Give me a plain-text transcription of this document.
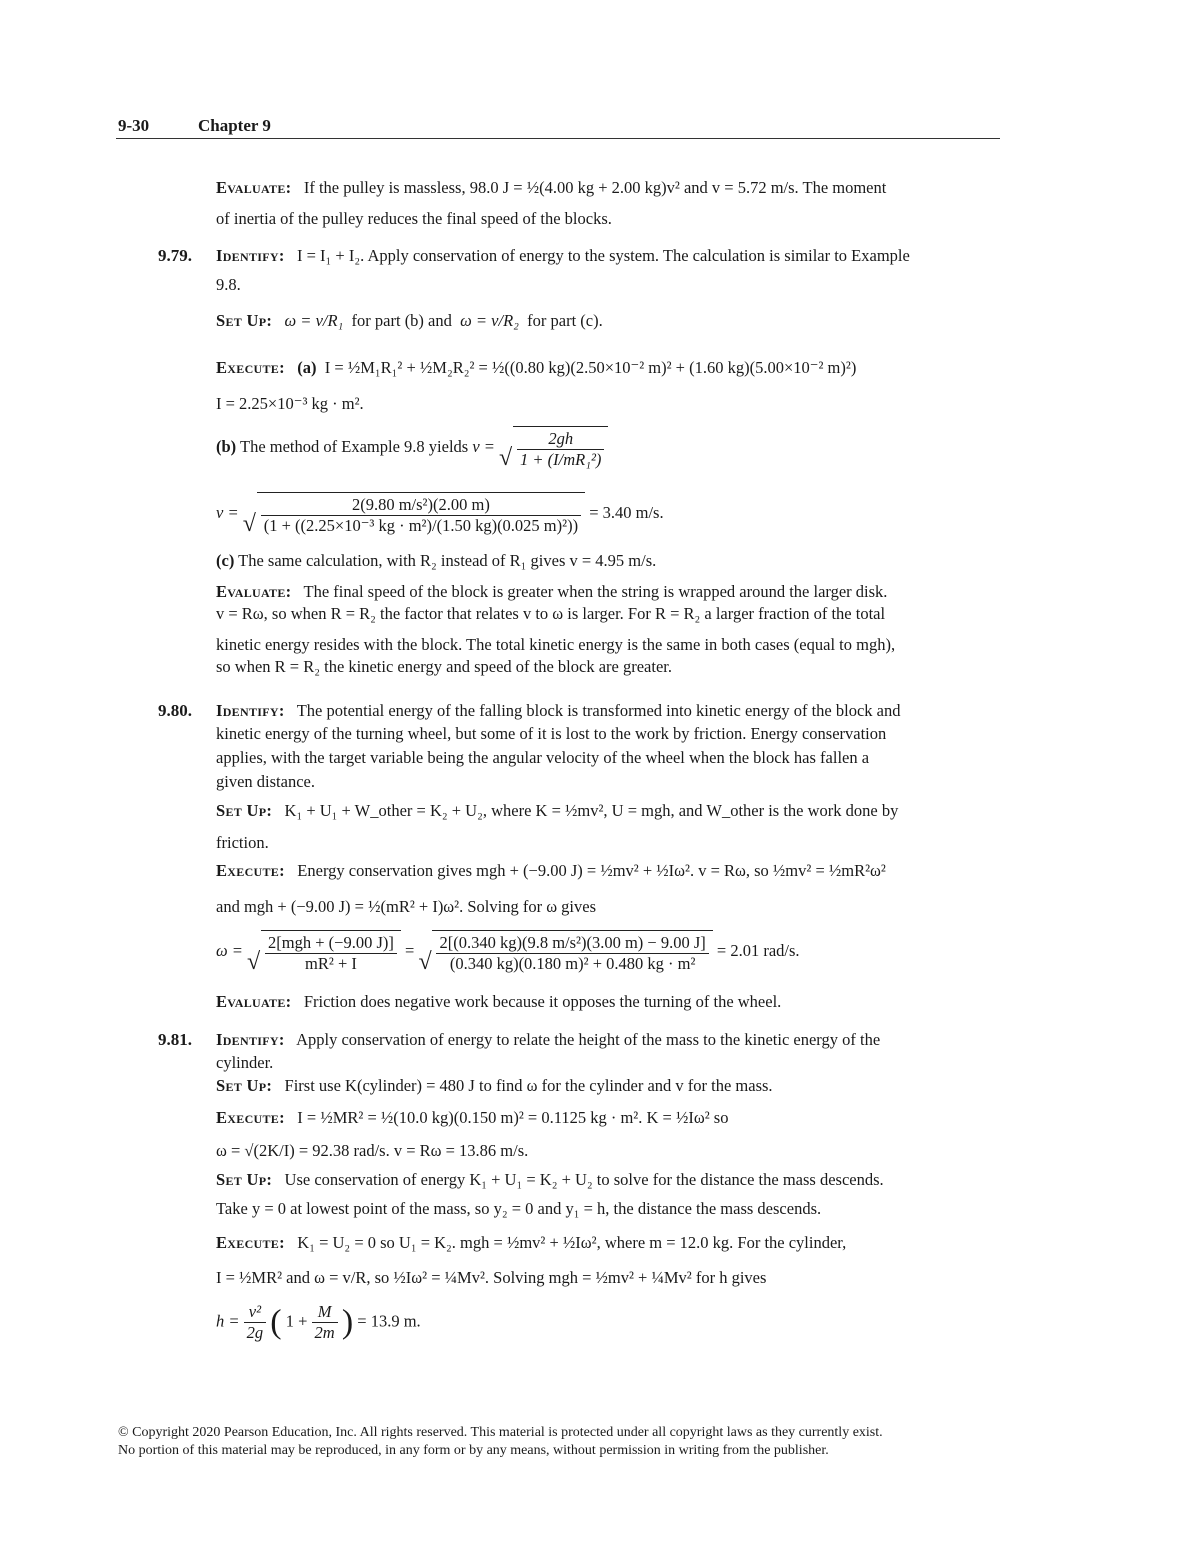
9-30	Chapter 9
Evaluate: If the pulley is massless, 98.0 J = ½(4.00 kg + 2.00 kg)v² and v = 5.72 m/s. The moment
of inertia of the pulley reduces the final speed of the blocks.
9.79. Identify: I = I₁ + I₂. Apply conservation of energy to the system. The calculation is similar to Example
9.8.
Set Up: ω = v/R₁ for part (b) and ω = v/R₂ for part (c).
Execute: (a) I = ½M₁R₁² + ½M₂R₂² = ½((0.80 kg)(2.50×10⁻² m)² + (1.60 kg)(5.00×10⁻² m)²)
I = 2.25×10⁻³ kg · m².
(b) The method of Example 9.8 yields v = √ $\frac{2gh}{\text{1 + (I/mR₁²)}}$
v = √ $\frac{\text{2(9.80 m/s²)(2.00 m)}}{\text{(1 + ((2.25×10⁻³ kg · m²)/(1.50 kg)(0.025 m)²))}} = 3.40$ m/s.
(c) The same calculation, with R₂ instead of R₁ gives v = 4.95 m/s.
Evaluate: The final speed of the block is greater when the string is wrapped around the larger disk.
v = Rω, so when R = R₂ the factor that relates v to ω is larger. For R = R₂ a larger fraction of the total
kinetic energy resides with the block. The total kinetic energy is the same in both cases (equal to mgh),
so when R = R₂ the kinetic energy and speed of the block are greater.
9.80. Identify: The potential energy of the falling block is transformed into kinetic energy of the block and
kinetic energy of the turning wheel, but some of it is lost to the work by friction. Energy conservation
applies, with the target variable being the angular velocity of the wheel when the block has fallen a
given distance.
Set Up: K₁ + U₁ + W_other = K₂ + U₂, where K = ½mv², U = mgh, and W_other is the work done by
friction.
Execute: Energy conservation gives mgh + (−9.00 J) = ½mv² + ½Iω². v = Rω, so ½mv² = ½mR²ω²
and mgh + (−9.00 J) = ½(mR² + I)ω². Solving for ω gives
ω = √ $\frac{\text{2[mgh + (−9.00 J)]}}{\text{mR² + I}}$ = √ $\frac{\text{2[(0.340 kg)(9.8 m/s²)(3.00 m) − 9.00 J]}}{\text{(0.340 kg)(0.180 m)² + 0.480 kg · m²}} = 2.01$ rad/s.
Evaluate: Friction does negative work because it opposes the turning of the wheel.
9.81. Identify: Apply conservation of energy to relate the height of the mass to the kinetic energy of the
cylinder.
Set Up: First use K(cylinder) = 480 J to find ω for the cylinder and v for the mass.
Execute: I = ½MR² = ½(10.0 kg)(0.150 m)² = 0.1125 kg · m². K = ½Iω² so
ω = √(2K/I) = 92.38 rad/s. v = Rω = 13.86 m/s.
Set Up: Use conservation of energy K₁ + U₁ = K₂ + U₂ to solve for the distance the mass descends.
Take y = 0 at lowest point of the mass, so y₂ = 0 and y₁ = h, the distance the mass descends.
Execute: K₁ = U₂ = 0 so U₁ = K₂. mgh = ½mv² + ½Iω², where m = 12.0 kg. For the cylinder,
I = ½MR² and ω = v/R, so ½Iω² = ¼Mv². Solving mgh = ½mv² + ¼Mv² for h gives
$h = \frac{\text{v²}}{2g}$ ( $1 + \frac{M}{2m}$ ) = 13.9 m.
© Copyright 2020 Pearson Education, Inc. All rights reserved. This material is protected under all copyright laws as they currently exist.
No portion of this material may be reproduced, in any form or by any means, without permission in writing from the publisher.
